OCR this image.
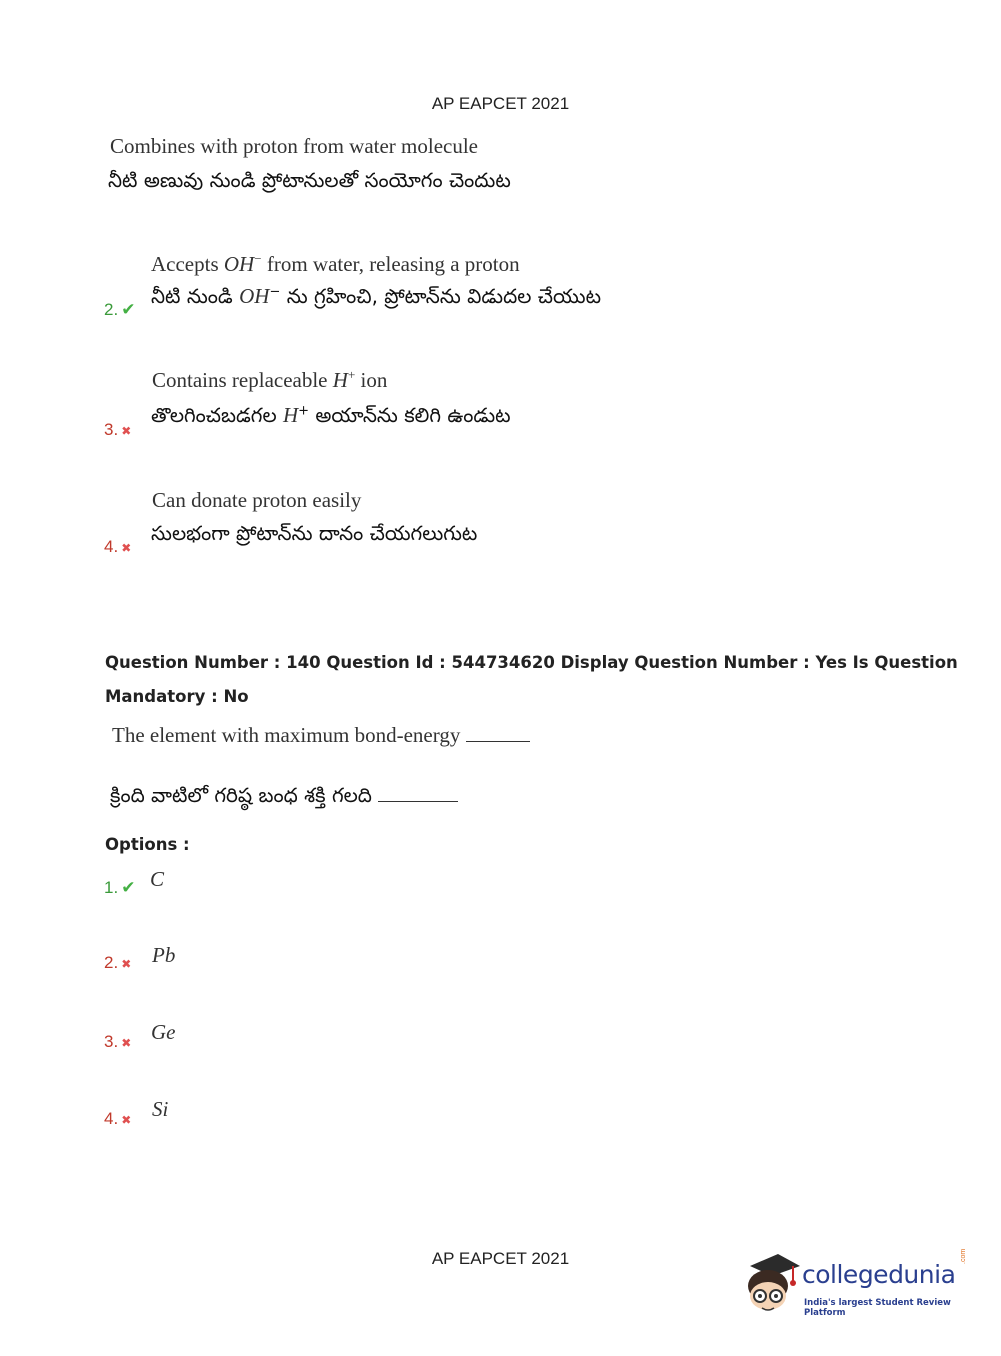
AP EAPCET 2021
Combines with proton from water molecule
నీటి అణువు నుండి ప్రోటానులతో సంయోగం చెందుట
2. ✔
Accepts OH− from water, releasing a proton
నీటి నుండి OH− ను గ్రహించి, ప్రోటాన్‌ను విడుదల చేయుట
3. ✖
Contains replaceable H+ ion
తొలగించబడగల H+ అయాన్‌ను కలిగి ఉండుట
4. ✖
Can donate proton easily
సులభంగా ప్రోటాన్‌ను దానం చేయగలుగుట
Question Number : 140 Question Id : 544734620 Display Question Number : Yes Is Question
Mandatory : No
The element with maximum bond-energy
క్రింది వాటిలో గరిష్ఠ బంధ శక్తి గలది
Options :
1. ✔ C
2. ✖ Pb
3. ✖ Ge
4. ✖ Si
AP EAPCET 2021
collegedunia
.com
India's largest Student Review Platform
